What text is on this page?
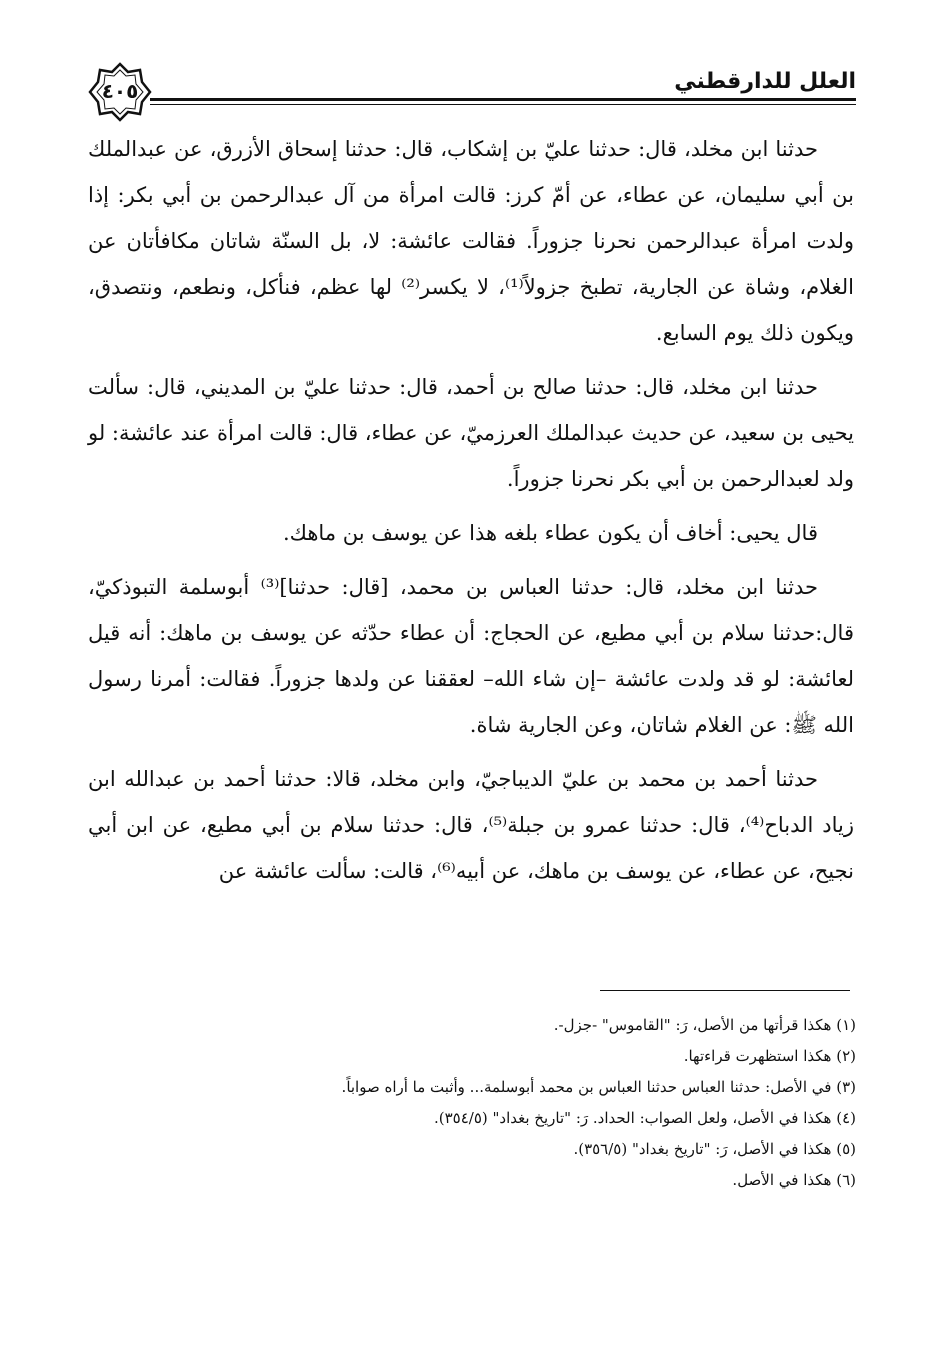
٤٠٥	العلل للدارقطني

حدثنا ابن مخلد، قال: حدثنا عليّ بن إشكاب، قال: حدثنا إسحاق الأزرق، عن عبدالملك بن أبي سليمان، عن عطاء، عن أمّ كرز: قالت امرأة من آل عبدالرحمن بن أبي بكر: إذا ولدت امرأة عبدالرحمن نحرنا جزوراً. فقالت عائشة: لا، بل السنّة شاتان مكافأتان عن الغلام، وشاة عن الجارية، تطبخ جزولاً⁽¹⁾، لا يكسر⁽²⁾ لها عظم، فنأكل، ونطعم، ونتصدق، ويكون ذلك يوم السابع.

حدثنا ابن مخلد، قال: حدثنا صالح بن أحمد، قال: حدثنا عليّ بن المديني، قال: سألت يحيى بن سعيد، عن حديث عبدالملك العرزميّ، عن عطاء، قال: قالت امرأة عند عائشة: لو ولد لعبدالرحمن بن أبي بكر نحرنا جزوراً.

قال يحيى: أخاف أن يكون عطاء بلغه هذا عن يوسف بن ماهك.

حدثنا ابن مخلد، قال: حدثنا العباس بن محمد، [قال: حدثنا]⁽³⁾ أبوسلمة التبوذكيّ، قال:حدثنا سلام بن أبي مطيع، عن الحجاج: أن عطاء حدّثه عن يوسف بن ماهك: أنه قيل لعائشة: لو قد ولدت عائشة –إن شاء الله– لعققنا عن ولدها جزوراً. فقالت: أمرنا رسول الله ﷺ: عن الغلام شاتان، وعن الجارية شاة.

حدثنا أحمد بن محمد بن عليّ الديباجيّ، وابن مخلد، قالا: حدثنا أحمد بن عبدالله ابن زياد الدباح⁽⁴⁾، قال: حدثنا عمرو بن جبلة⁽⁵⁾، قال: حدثنا سلام بن أبي مطيع، عن ابن أبي نجيح، عن عطاء، عن يوسف بن ماهك، عن أبيه⁽⁶⁾، قالت: سألت عائشة عن

(١) هكذا قرأتها من الأصل، رَ: "القاموس" -جزل-.

(٢) هكذا استظهرت قراءتها.

(٣) في الأصل: حدثنا العباس حدثنا العباس بن محمد أبوسلمة... وأثبت ما أراه صواباً.

(٤) هكذا في الأصل، ولعل الصواب: الحداد. رَ: "تاريخ بغداد" (٣٥٤/٥).

(٥) هكذا في الأصل، رَ: "تاريخ بغداد" (٣٥٦/٥).

(٦) هكذا في الأصل.
